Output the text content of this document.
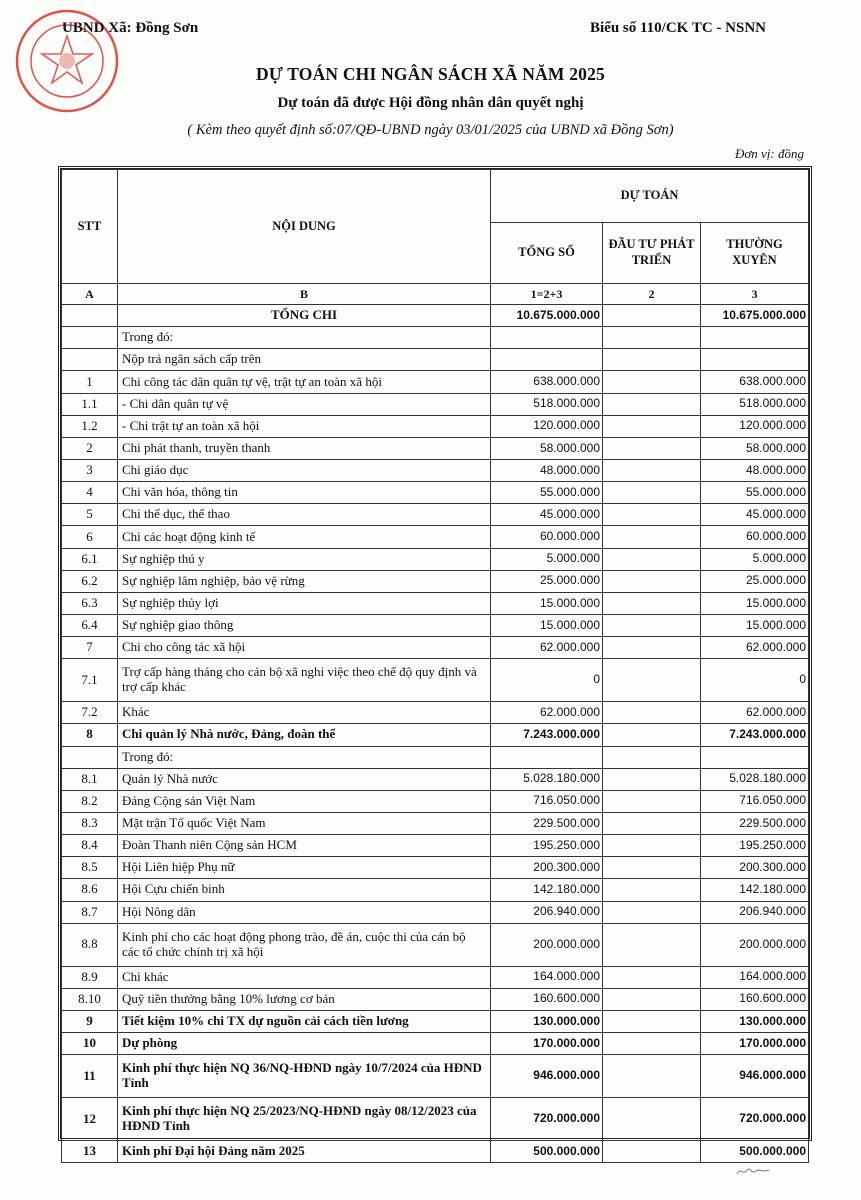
UBND Xã: Đồng Sơn	Biểu số 110/CK TC - NSNN
DỰ TOÁN CHI NGÂN SÁCH XÃ NĂM 2025
Dự toán đã được Hội đồng nhân dân quyết nghị
( Kèm theo quyết định số:07/QĐ-UBND ngày 03/01/2025 của UBND xã Đồng Sơn)
Đơn vị: đồng
STT	NỘI DUNG	DỰ TOÁN		
		TỔNG SỐ	ĐẦU TƯ PHÁT TRIỂN	THƯỜNG XUYÊN
A	B	1=2+3	2	3
	TỔNG CHI	10.675.000.000		10.675.000.000
	Trong đó:			
	Nộp trả ngân sách cấp trên			
1	Chi công tác dân quân tự vệ, trật tự an toàn xã hội	638.000.000		638.000.000
1.1	- Chi dân quân tự vệ	518.000.000		518.000.000
1.2	- Chi trật tự an toàn xã hội	120.000.000		120.000.000
2	Chi phát thanh, truyền thanh	58.000.000		58.000.000
3	Chi giáo dục	48.000.000		48.000.000
4	Chi văn hóa, thông tin	55.000.000		55.000.000
5	Chi thể dục, thể thao	45.000.000		45.000.000
6	Chi các hoạt động kinh tế	60.000.000		60.000.000
6.1	Sự nghiệp thú y	5.000.000		5.000.000
6.2	Sự nghiệp lâm nghiệp, bảo vệ rừng	25.000.000		25.000.000
6.3	Sự nghiệp thủy lợi	15.000.000		15.000.000
6.4	Sự nghiệp giao thông	15.000.000		15.000.000
7	Chi cho công tác xã hội	62.000.000		62.000.000
7.1	Trợ cấp hàng tháng cho cán bộ xã nghỉ việc theo chế độ quy định và trợ cấp khác	0		0
7.2	Khác	62.000.000		62.000.000
8	Chi quản lý Nhà nước, Đảng, đoàn thể	7.243.000.000		7.243.000.000
	Trong đó:			
8.1	Quản lý Nhà nước	5.028.180.000		5.028.180.000
8.2	Đảng Cộng sản Việt Nam	716.050.000		716.050.000
8.3	Mặt trận Tổ quốc Việt Nam	229.500.000		229.500.000
8.4	Đoàn Thanh niên Cộng sản HCM	195.250.000		195.250.000
8.5	Hội Liên hiệp Phụ nữ	200.300.000		200.300.000
8.6	Hội Cựu chiến binh	142.180.000		142.180.000
8.7	Hội Nông dân	206.940.000		206.940.000
8.8	Kinh phí cho các hoạt động phong trào, đề án, cuộc thi của cán bộ các tổ chức chính trị xã hội	200.000.000		200.000.000
8.9	Chi khác	164.000.000		164.000.000
8.10	Quỹ tiền thưởng bằng 10% lương cơ bản	160.600.000		160.600.000
9	Tiết kiệm 10% chi TX dự nguồn cải cách tiền lương	130.000.000		130.000.000
10	Dự phòng	170.000.000		170.000.000
11	Kinh phí thực hiện NQ 36/NQ-HĐND ngày 10/7/2024 của HĐND Tỉnh	946.000.000		946.000.000
12	Kinh phí thực hiện NQ 25/2023/NQ-HĐND ngày 08/12/2023 của HĐND Tỉnh	720.000.000		720.000.000
13	Kinh phí Đại hội Đảng năm 2025	500.000.000		500.000.000
